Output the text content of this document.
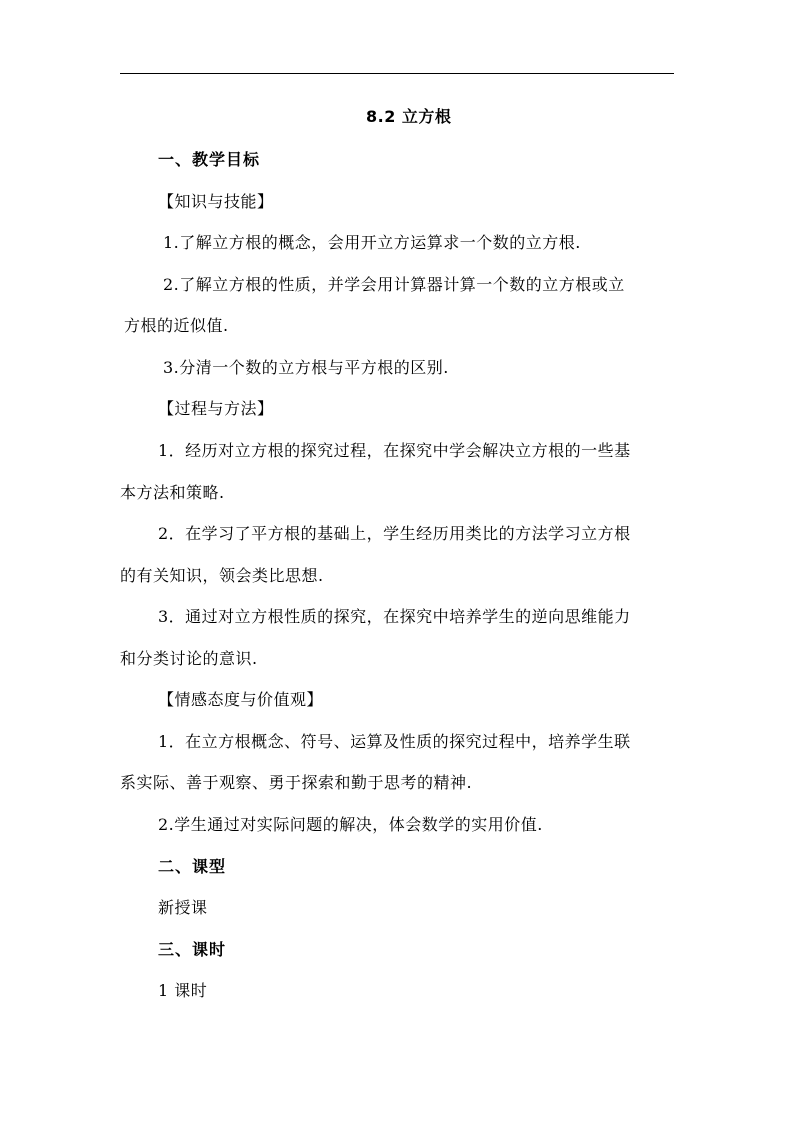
8.2 立方根
一、教学目标
【知识与技能】
1.了解立方根的概念，会用开立方运算求一个数的立方根.
2.了解立方根的性质，并学会用计算器计算一个数的立方根或立
方根的近似值.
3.分清一个数的立方根与平方根的区别.
【过程与方法】
1．经历对立方根的探究过程，在探究中学会解决立方根的一些基
本方法和策略.
2．在学习了平方根的基础上，学生经历用类比的方法学习立方根
的有关知识，领会类比思想.
3．通过对立方根性质的探究，在探究中培养学生的逆向思维能力
和分类讨论的意识.
【情感态度与价值观】
1．在立方根概念、符号、运算及性质的探究过程中，培养学生联
系实际、善于观察、勇于探索和勤于思考的精神.
2.学生通过对实际问题的解决，体会数学的实用价值.
二、课型
新授课
三、课时
1 课时
